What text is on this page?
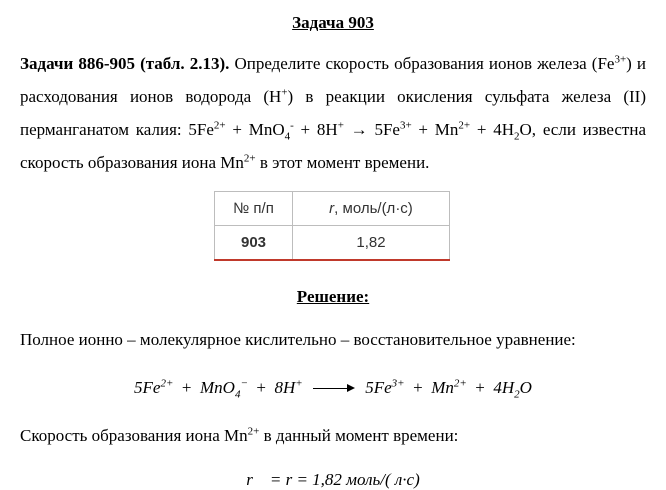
Задача 903

Задачи 886-905 (табл. 2.13). Определите скорость образования ионов железа $(Fe^{3+})$ и расходования ионов водорода (H+) в реакции окисления сульфата железа (II) перманганатом калия: $5Fe^{2+} + MnO_4^- + 8H^+ \to 5Fe^{3+} + Mn^{2+} + 4H_2O$, если известна скорость образования иона $Mn^{2+}$ в этот момент времени.

№ п/п	r, моль/(л·с)
903	1,82
Решение:
Полное ионно – молекулярное кислительно – восстановительное уравнение:
$5Fe^{2+} + MnO_4^- + 8H^+$	$5Fe^{3+} + Mn^{2+} + 4H_2O$
Скорость образования иона $Mn^{2+}$ в данный момент времени:
r    = r = 1,82 моль/( л·с)
